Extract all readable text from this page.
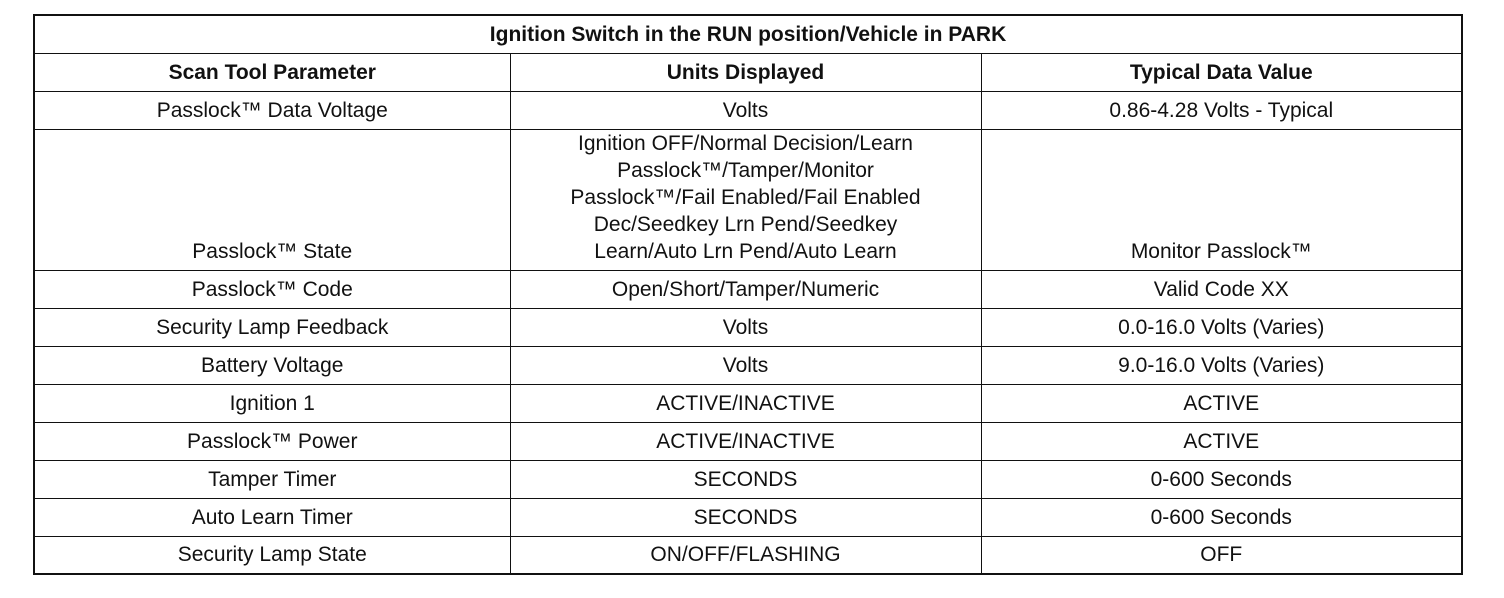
Ignition Switch in the RUN position/Vehicle in PARK		
Scan Tool Parameter	Units Displayed	Typical Data Value
Passlock™ Data Voltage	Volts	0.86-4.28 Volts - Typical
Passlock™ State	Ignition OFF/Normal Decision/Learn
Passlock™/Tamper/Monitor
Passlock™/Fail Enabled/Fail Enabled
Dec/Seedkey Lrn Pend/Seedkey
Learn/Auto Lrn Pend/Auto Learn	Monitor Passlock™
Passlock™ Code	Open/Short/Tamper/Numeric	Valid Code XX
Security Lamp Feedback	Volts	0.0-16.0 Volts (Varies)
Battery Voltage	Volts	9.0-16.0 Volts (Varies)
Ignition 1	ACTIVE/INACTIVE	ACTIVE
Passlock™ Power	ACTIVE/INACTIVE	ACTIVE
Tamper Timer	SECONDS	0-600 Seconds
Auto Learn Timer	SECONDS	0-600 Seconds
Security Lamp State	ON/OFF/FLASHING	OFF
